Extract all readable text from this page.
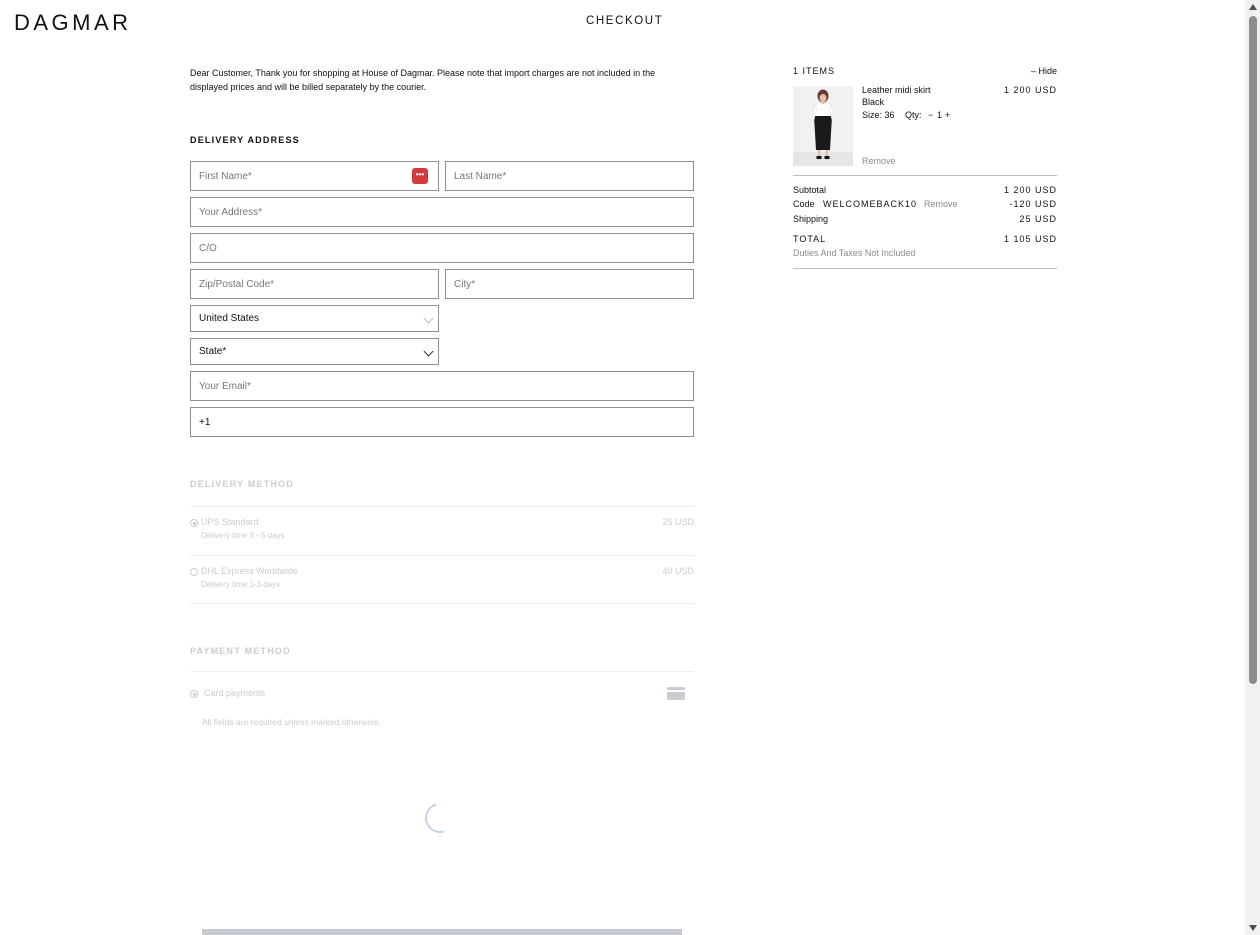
DAGMAR	CHECKOUT
Dear Customer, Thank you for shopping at House of Dagmar. Please note that import charges are not included in the displayed prices and will be billed separately by the courier.
DELIVERY ADDRESS
First Name*
•••
Last Name*
Your Address*
C/O
Zip/Postal Code*
City*
United States
State*
Your Email*
+1
DELIVERY METHOD
UPS Standard
Delivery time 3 - 5 days
25 USD
DHL Express Worldwide
Delivery time 1-3 days
40 USD
PAYMENT METHOD
Card payments
All fields are required unless marked otherwise.
1 ITEMS	– Hide
Leather midi skirt
Black
Size: 36 Qty: − 1 +
1 200 USD
Remove
Subtotal	1 200 USD
Code WELCOMEBACK10 Remove	-120 USD
Shipping	25 USD
TOTAL	1 105 USD
Duties And Taxes Not Included
